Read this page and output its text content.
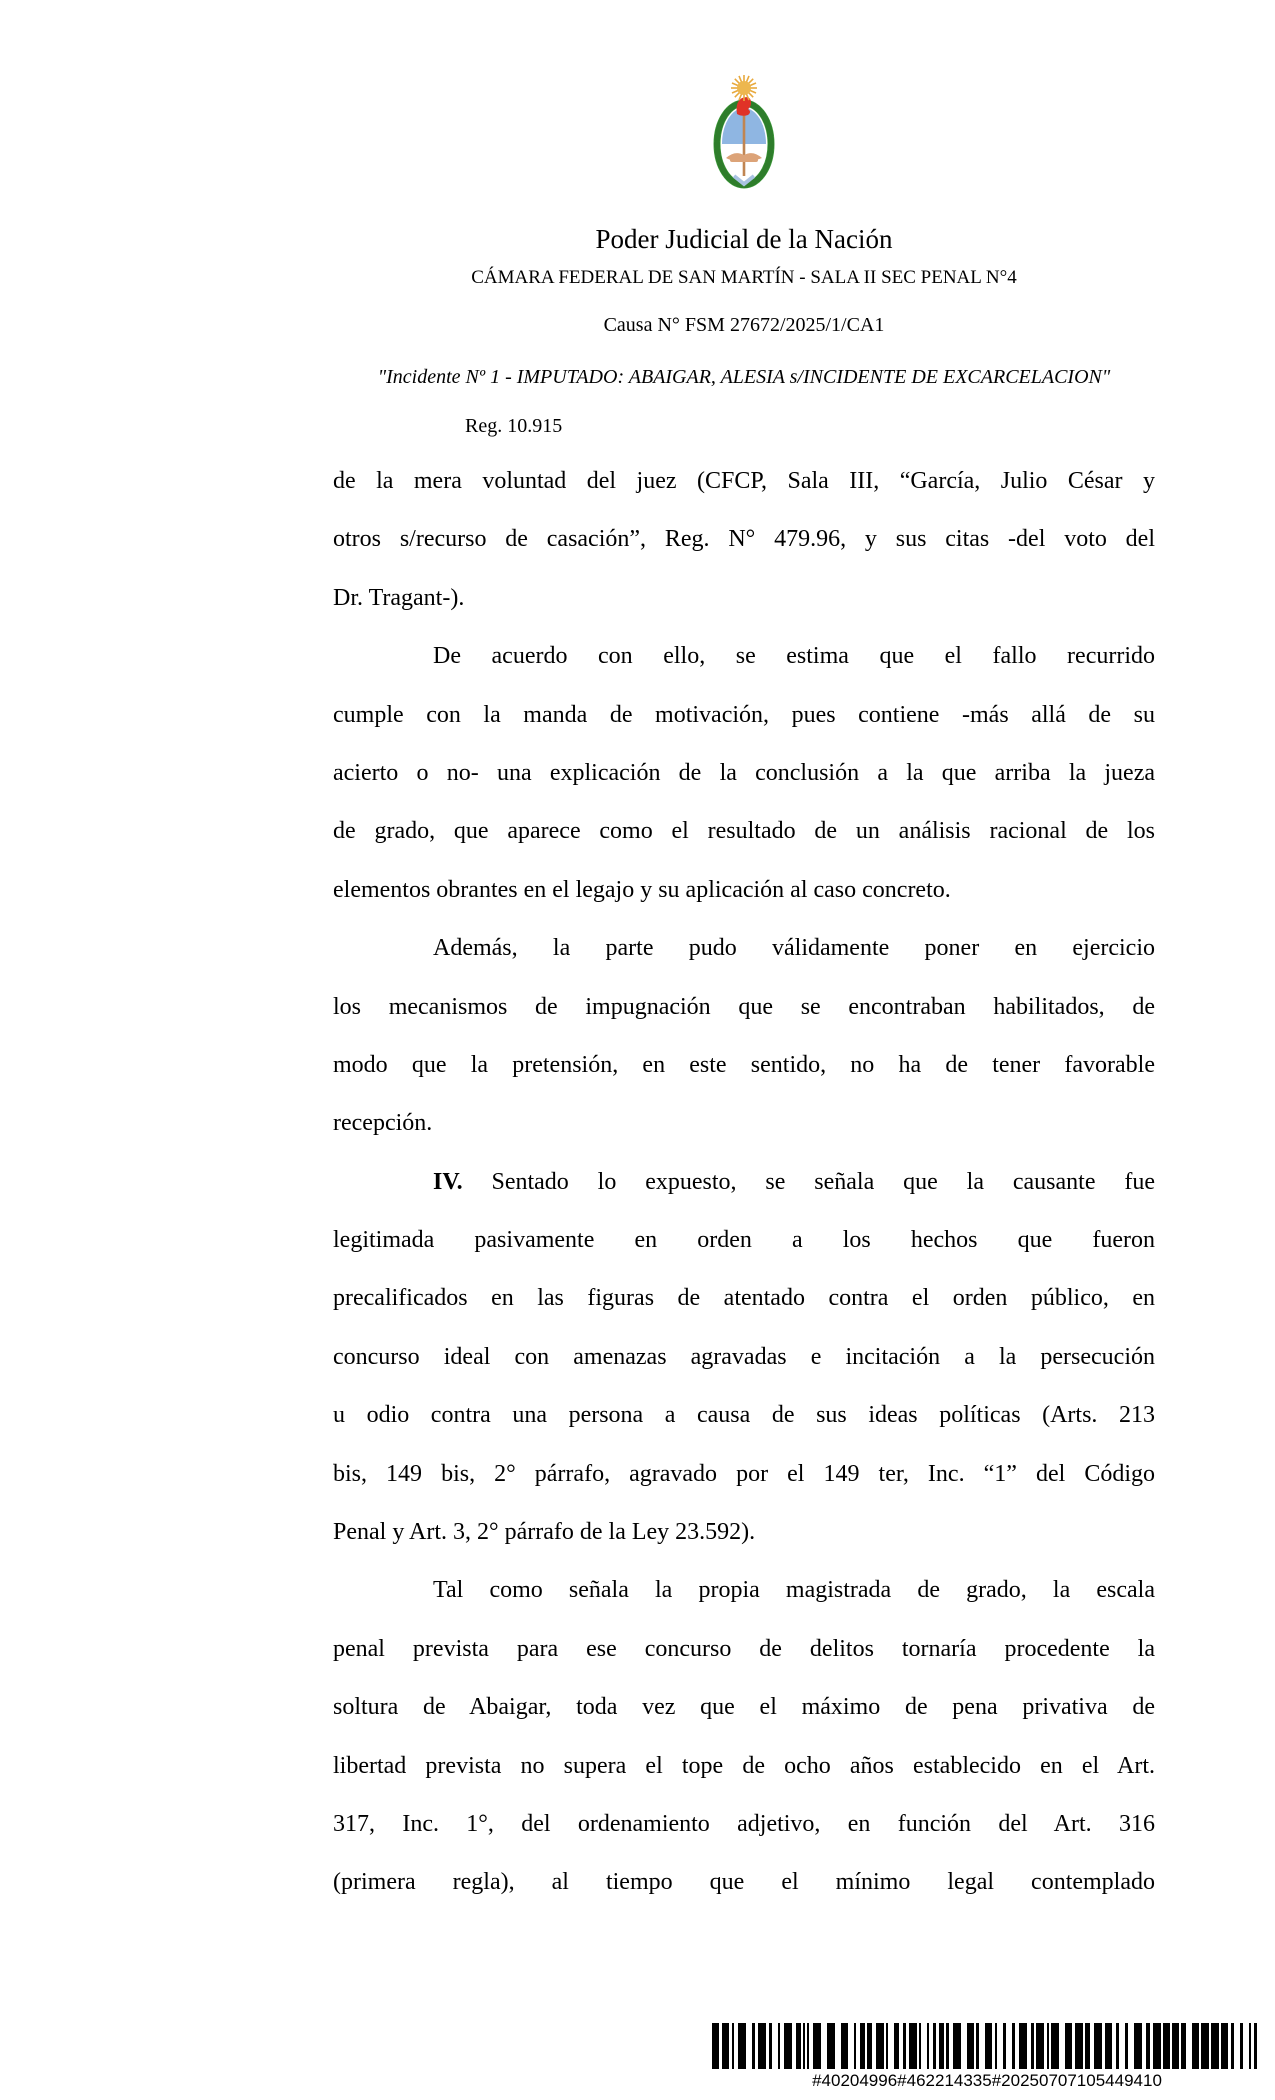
Poder Judicial de la Nación
CÁMARA FEDERAL DE SAN MARTÍN - SALA II SEC PENAL N°4
Causa N° FSM 27672/2025/1/CA1
"Incidente Nº 1 - IMPUTADO: ABAIGAR, ALESIA s/INCIDENTE DE EXCARCELACION"
Reg. 10.915
de la mera voluntad del juez (CFCP, Sala III, “García, Julio César y
otros s/recurso de casación”, Reg. N° 479.96, y sus citas -del voto del
Dr. Tragant-).
De acuerdo con ello, se estima que el fallo recurrido
cumple con la manda de motivación, pues contiene -más allá de su
acierto o no- una explicación de la conclusión a la que arriba la jueza
de grado, que aparece como el resultado de un análisis racional de los
elementos obrantes en el legajo y su aplicación al caso concreto.
Además, la parte pudo válidamente poner en ejercicio
los mecanismos de impugnación que se encontraban habilitados, de
modo que la pretensión, en este sentido, no ha de tener favorable
recepción.
IV. Sentado lo expuesto, se señala que la causante fue
legitimada pasivamente en orden a los hechos que fueron
precalificados en las figuras de atentado contra el orden público, en
concurso ideal con amenazas agravadas e incitación a la persecución
u odio contra una persona a causa de sus ideas políticas (Arts. 213
bis, 149 bis, 2° párrafo, agravado por el 149 ter, Inc. “1” del Código
Penal y Art. 3, 2° párrafo de la Ley 23.592).
Tal como señala la propia magistrada de grado, la escala
penal prevista para ese concurso de delitos tornaría procedente la
soltura de Abaigar, toda vez que el máximo de pena privativa de
libertad prevista no supera el tope de ocho años establecido en el Art.
317, Inc. 1°, del ordenamiento adjetivo, en función del Art. 316
(primera regla), al tiempo que el mínimo legal contemplado
#40204996#462214335#20250707105449410
